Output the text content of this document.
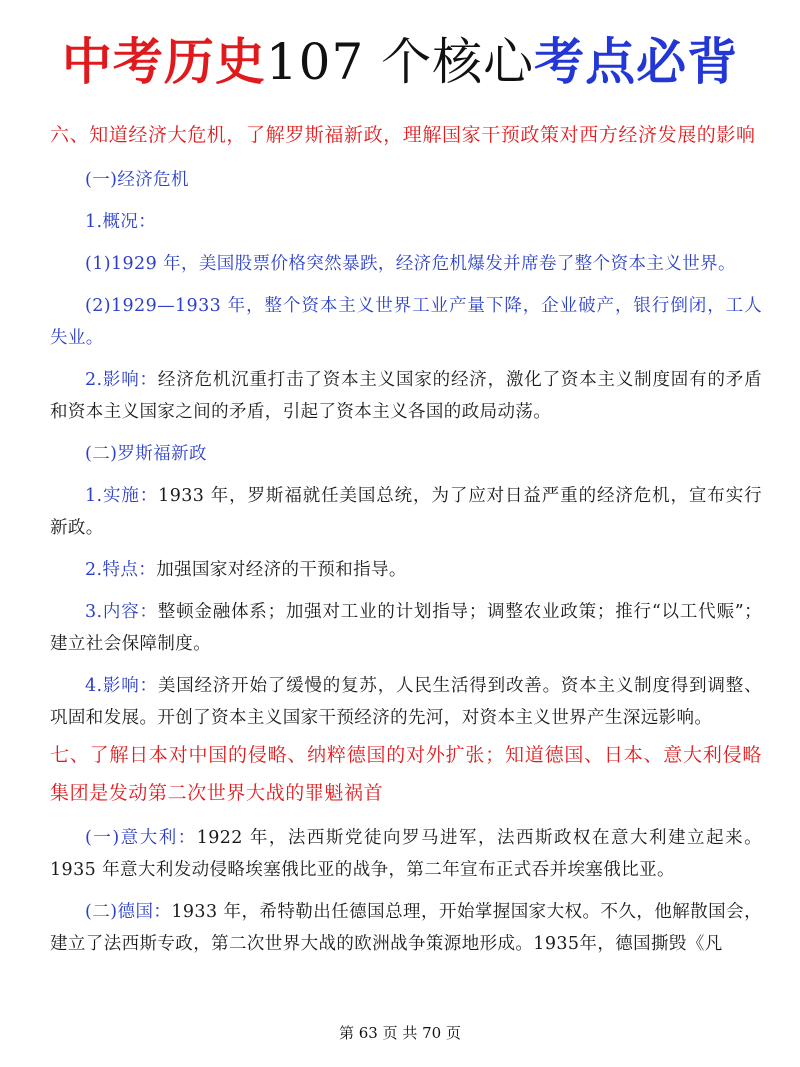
中考历史107 个核心考点必背

六、知道经济大危机，了解罗斯福新政，理解国家干预政策对西方经济发展的影响

(一)经济危机

1.概况：

(1)1929 年，美国股票价格突然暴跌，经济危机爆发并席卷了整个资本主义世界。

(2)1929—1933 年，整个资本主义世界工业产量下降，企业破产，银行倒闭，工人失业。

2.影响：经济危机沉重打击了资本主义国家的经济，激化了资本主义制度固有的矛盾和资本主义国家之间的矛盾，引起了资本主义各国的政局动荡。

(二)罗斯福新政

1.实施：1933 年，罗斯福就任美国总统，为了应对日益严重的经济危机，宣布实行新政。

2.特点：加强国家对经济的干预和指导。

3.内容：整顿金融体系；加强对工业的计划指导；调整农业政策；推行“以工代赈”；建立社会保障制度。

4.影响：美国经济开始了缓慢的复苏，人民生活得到改善。资本主义制度得到调整、巩固和发展。开创了资本主义国家干预经济的先河，对资本主义世界产生深远影响。

七、了解日本对中国的侵略、纳粹德国的对外扩张；知道德国、日本、意大利侵略集团是发动第二次世界大战的罪魁祸首

(一)意大利：1922 年，法西斯党徒向罗马进军，法西斯政权在意大利建立起来。1935 年意大利发动侵略埃塞俄比亚的战争，第二年宣布正式吞并埃塞俄比亚。

(二)德国：1933 年，希特勒出任德国总理，开始掌握国家大权。不久，他解散国会，建立了法西斯专政，第二次世界大战的欧洲战争策源地形成。1935年，德国撕毁《凡

第 63 页 共 70 页
